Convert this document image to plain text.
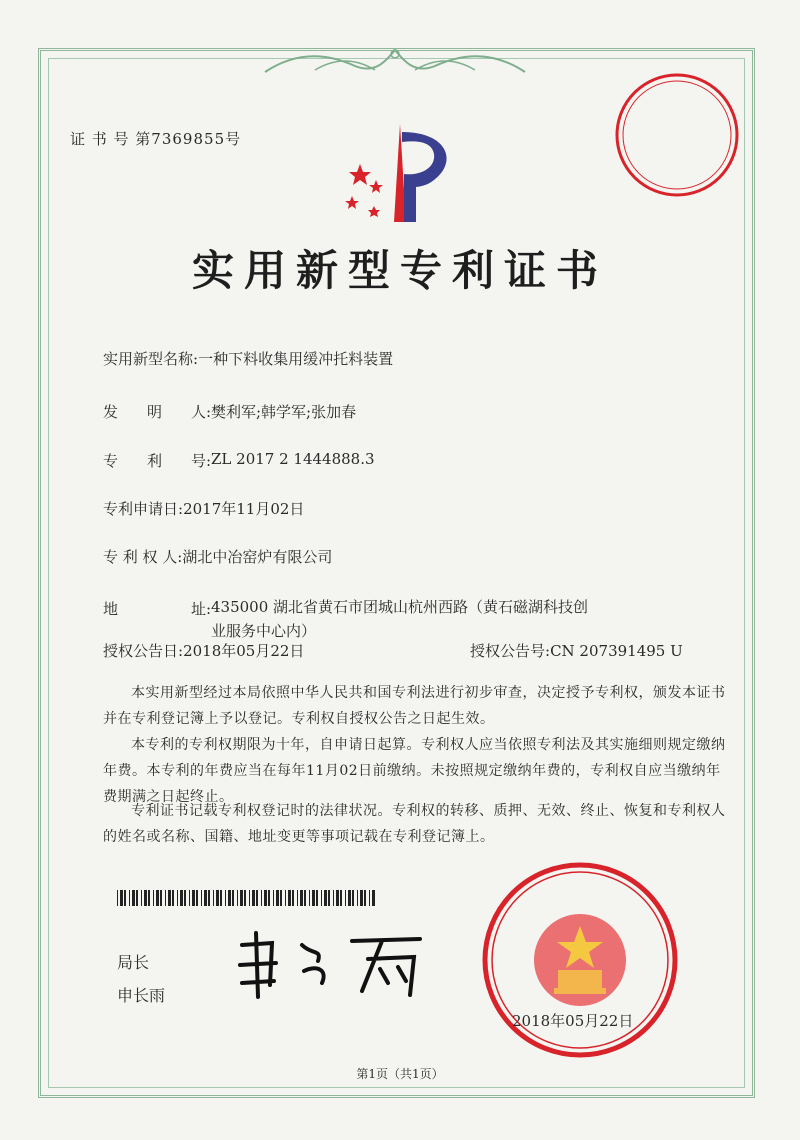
证 书 号 第7369855号
实用新型专利证书
实用新型名称: 一种下料收集用缓冲托料装置
发 明 人: 樊利军;韩学军;张加春
专 利 号: ZL 2017 2 1444888.3
专利申请日: 2017年11月02日
专 利 权 人: 湖北中冶窑炉有限公司
地	址: 435000 湖北省黄石市团城山杭州西路（黄石磁湖科技创
业服务中心内）
授权公告日: 2018年05月22日	授权公告号:CN 207391495 U
本实用新型经过本局依照中华人民共和国专利法进行初步审查，决定授予专利权，颁发本证书并在专利登记簿上予以登记。专利权自授权公告之日起生效。
本专利的专利权期限为十年，自申请日起算。专利权人应当依照专利法及其实施细则规定缴纳年费。本专利的年费应当在每年11月02日前缴纳。未按照规定缴纳年费的，专利权自应当缴纳年费期满之日起终止。
专利证书记载专利权登记时的法律状况。专利权的转移、质押、无效、终止、恢复和专利权人的姓名或名称、国籍、地址变更等事项记载在专利登记簿上。
局长
申长雨
2018年05月22日
第1页（共1页）
